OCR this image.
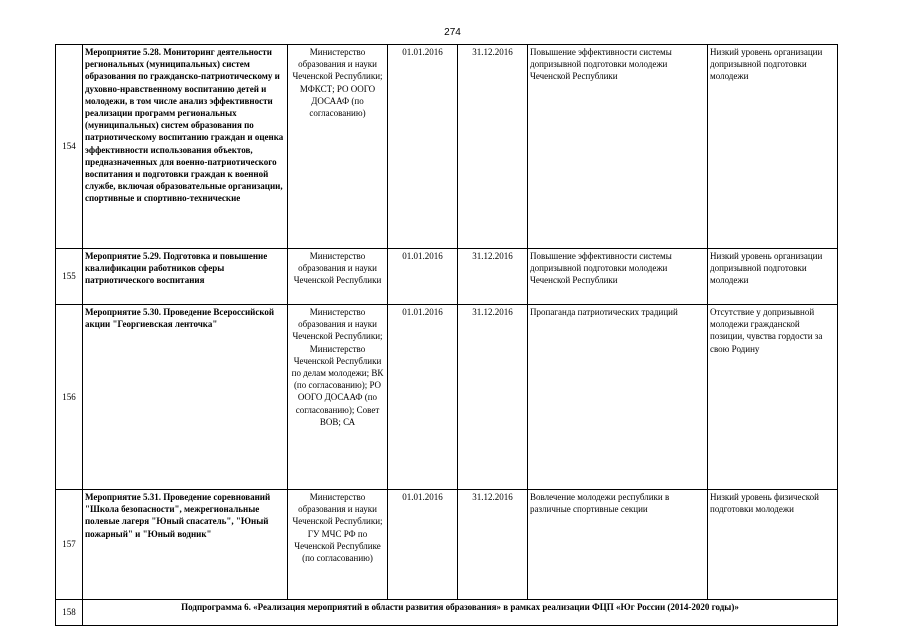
274
154	Мероприятие 5.28. Мониторинг деятельности региональных (муниципальных) систем образования по гражданско-патриотическому и духовно-нравственному воспитанию детей и молодежи, в том числе анализ эффективности реализации программ региональных (муниципальных) систем образования по патриотическому воспитанию граждан и оценка эффективности использования объектов, предназначенных для военно-патриотического воспитания и подготовки граждан к военной службе, включая образовательные организации, спортивные и спортивно-технические	Министерство образования и науки Чеченской Республики; МФКСТ; РО ООГО ДОСААФ (по согласованию)	01.01.2016	31.12.2016	Повышение эффективности системы допризывной подготовки молодежи Чеченской Республики	Низкий уровень организации допризывной подготовки молодежи
155	Мероприятие 5.29. Подготовка и повышение квалификации работников сферы патриотического воспитания	Министерство образования и науки Чеченской Республики	01.01.2016	31.12.2016	Повышение эффективности системы допризывной подготовки молодежи Чеченской Республики	Низкий уровень организации допризывной подготовки молодежи
156	Мероприятие 5.30. Проведение Всероссийской акции "Георгиевская ленточка"	Министерство образования и науки Чеченской Республики; Министерство Чеченской Республики по делам молодежи; ВК (по согласованию); РО ООГО ДОСААФ (по согласованию); Совет ВОВ; СА	01.01.2016	31.12.2016	Пропаганда патриотических традиций	Отсутствие у допризывной молодежи гражданской позиции, чувства гордости за свою Родину
157	Мероприятие 5.31. Проведение соревнований "Школа безопасности", межрегиональные полевые лагеря "Юный спасатель", "Юный пожарный" и "Юный водник"	Министерство образования и науки Чеченской Республики; ГУ МЧС РФ по Чеченской Республике (по согласованию)	01.01.2016	31.12.2016	Вовлечение молодежи республики в различные спортивные секции	Низкий уровень физической подготовки молодежи
158	Подпрограмма 6. «Реализация мероприятий в области развития образования» в рамках реализации ФЦП «Юг России (2014-2020 годы)»					
